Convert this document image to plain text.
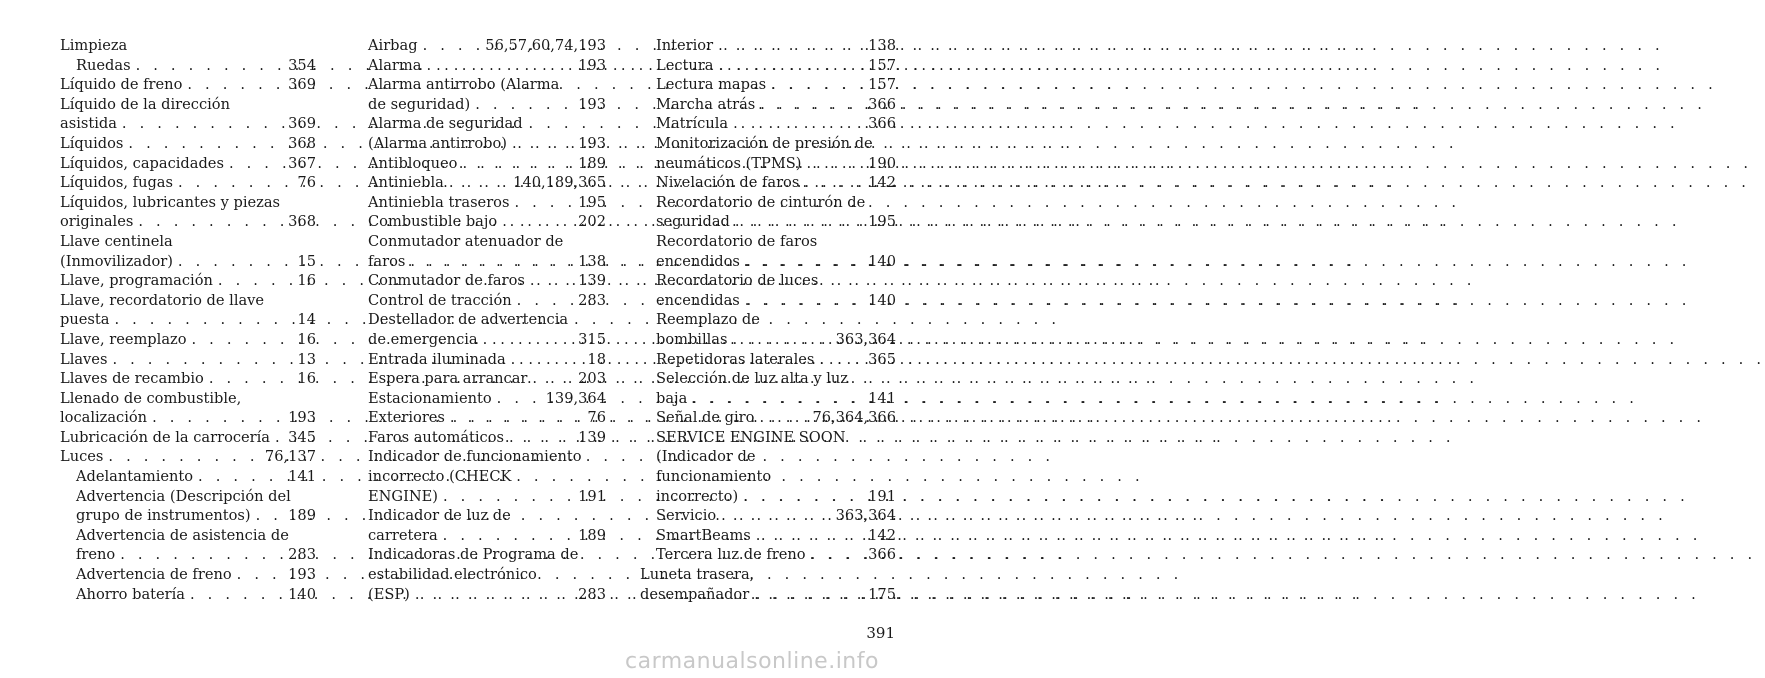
Limpieza
Ruedas . . .	354
Líquido de freno . . .	369
Líquido de la dirección
asistida . . .	369
Líquidos . . .	368
Líquidos, capacidades . . .	367
Líquidos, fugas . . .	76
Líquidos, lubricantes y piezas
originales . . .	368
Llave centinela
(Inmovilizador) . . .	15
Llave, programación . . .	16
Llave, recordatorio de llave
puesta . . .	14
Llave, reemplazo . . .	16
Llaves . . .	13
Llaves de recambio . . .	16
Llenado de combustible,
localización . . .	193
Lubricación de la carrocería . . . 345
Luces . . .	76,137
Adelantamiento . . .	141
Advertencia (Descripción del
grupo de instrumentos) . . .	189
Advertencia de asistencia de
freno . . .	283
Advertencia de freno . . .	193
Ahorro batería . . .	140
Airbag . . .	56,57,60,74,193
Alarma . . .	193
Alarma antirrobo (Alarma
de seguridad) . . .	193
Alarma de seguridad
(Alarma antirrobo) . . .	193
Antibloqueo . . .	189
Antiniebla . . .	140,189,365
Antiniebla traseros . . .	195
Combustible bajo . . .	202
Conmutador atenuador de
faros . . .	138
Conmutador de faros . . .	139
Control de tracción . . .	283
Destellador de advertencia
de emergencia . . .	315
Entrada iluminada . . .	18
Espera para arrancar . . .	203
Estacionamiento . . .	139,364
Exteriores . . .	76
Faros automáticos . . .	139
Indicador de funcionamiento
incorrecto (CHECK
ENGINE) . . .	191
Indicador de luz de
carretera . . .	189
Indicadoras de Programa de
estabilidad electrónico
(ESP) . . .	283
Interior . . .	138
Lectura . . .	157
Lectura mapas . . .	157
Marcha atrás . . .	366
Matrícula . . .	366
Monitorización de presión de
neumáticos (TPMS) . . .	190
Nivelación de faros . . .	142
Recordatorio de cinturón de
seguridad . . .	195
Recordatorio de faros
encendidos . . .	140
Recordatorio de luces
encendidas . . .	140
Reemplazo de
bombillas . . .	363,364
Repetidoras laterales . . .	365
Selección de luz alta y luz
baja . . .	141
Señal de giro . . .	76,364,366
SERVICE ENGINE SOON
(Indicador de
funcionamiento
incorrecto) . . .	191
Servicio . . .	363,364
SmartBeams . . .	142
Tercera luz de freno . . .	366
Luneta trasera,
desempañador . . .	175
391
carmanualsonline.info
